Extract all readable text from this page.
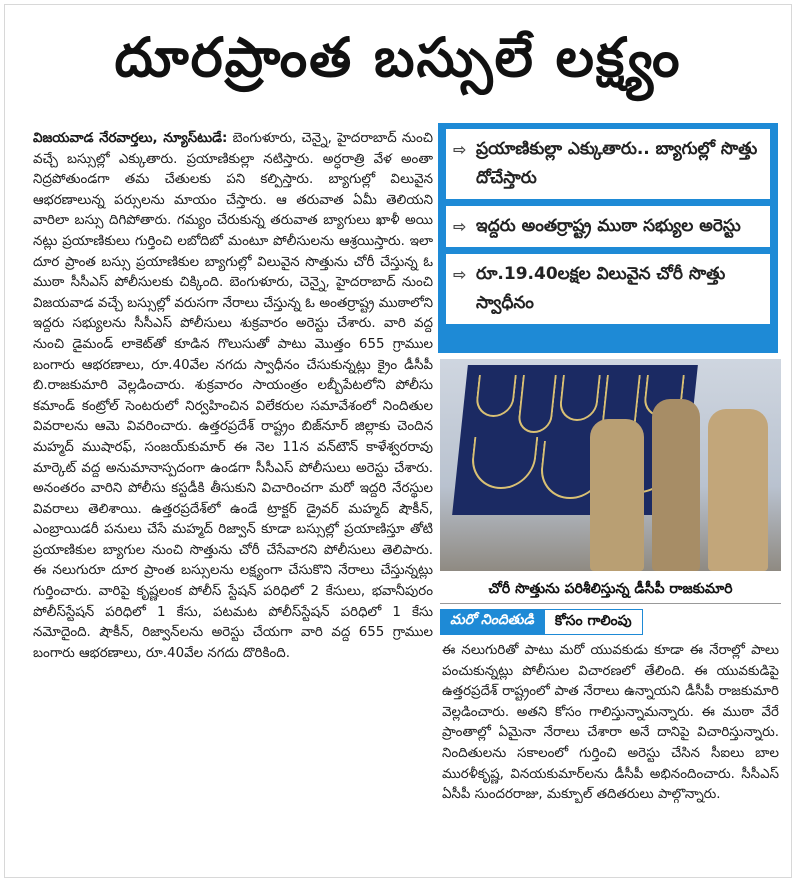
దూరప్రాంత బస్సులే లక్ష్యం

విజయవాడ నేరవార్తలు, న్యూస్‌టుడే: బెంగుళూరు, చెన్నై, హైదరాబాద్ నుంచి వచ్చే బస్సుల్లో ఎక్కుతారు. ప్రయాణికుల్లా నటిస్తారు. అర్ధరాత్రి వేళ అంతా నిద్రపోతుండగా తమ చేతులకు పని కల్పిస్తారు. బ్యాగుల్లో విలువైన ఆభరణాలున్న పర్సులను మాయం చేస్తారు. ఆ తరువాత ఏమీ తెలియని వారిలా బస్సు దిగిపోతారు. గమ్యం చేరుకున్న తరువాత బ్యాగులు ఖాళీ అయి నట్లు ప్రయాణికులు గుర్తించి లబోదిబో మంటూ పోలీసులను ఆశ్రయిస్తారు. ఇలా దూర ప్రాంత బస్సు ప్రయాణికుల బ్యాగుల్లో విలువైన సొత్తును చోరీ చేస్తున్న ఓ ముఠా సీసీఎస్ పోలీసులకు చిక్కింది. బెంగుళూరు, చెన్నై, హైదరాబాద్ నుంచి విజయవాడ వచ్చే బస్సుల్లో వరుసగా నేరాలు చేస్తున్న ఓ అంతర్రాష్ట్ర ముఠాలోని ఇద్దరు సభ్యులను సీసీఎస్ పోలీసులు శుక్రవారం అరెస్టు చేశారు. వారి వద్ద నుంచి డైమండ్ లాకెట్‌తో కూడిన గొలుసుతో పాటు మొత్తం 655 గ్రాముల బంగారు ఆభరణాలు, రూ.40వేల నగదు స్వాధీనం చేసుకున్నట్లు క్రైం డీసీపీ బి.రాజకుమారి వెల్లడించారు. శుక్రవారం సాయంత్రం లబ్బీపేటలోని పోలీసు కమాండ్ కంట్రోల్ సెంటరులో నిర్వహించిన విలేకరుల సమావేశంలో నిందితుల వివరాలను ఆమె వివరించారు. ఉత్తరప్రదేశ్ రాష్ట్రం బిజ్‌నూర్ జిల్లాకు చెందిన మహ్మద్ ముషారఫ్, సంజయ్‌కుమార్ ఈ నెల 11న వన్‌టౌన్ కాళేశ్వరరావు మార్కెట్ వద్ద అనుమానాస్పదంగా ఉండగా సీసీఎస్ పోలీసులు అరెస్టు చేశారు. అనంతరం వారిని పోలీసు కస్టడీకి తీసుకుని విచారించగా మరో ఇద్దరి నేరస్థుల వివరాలు తెలిశాయి. ఉత్తరప్రదేశ్‌లో ఉండే ట్రాక్టర్ డ్రైవర్ మహ్మద్ షౌకీన్, ఎంబ్రాయిడరీ పనులు చేసే మహ్మద్ రిజ్వాన్ కూడా బస్సుల్లో ప్రయాణిస్తూ తోటి ప్రయాణికుల బ్యాగుల నుంచి సొత్తును చోరీ చేసేవారని పోలీసులు తెలిపారు. ఈ నలుగురూ దూర ప్రాంత బస్సులను లక్ష్యంగా చేసుకొని నేరాలు చేస్తున్నట్లు గుర్తించారు. వారిపై కృష్ణలంక పోలీస్ స్టేషన్ పరిధిలో 2 కేసులు, భవానీపురం పోలీస్‌స్టేషన్ పరిధిలో 1 కేసు, పటమట పోలీస్‌స్టేషన్ పరిధిలో 1 కేసు నమోదైంది. షౌకీన్, రిజ్వాన్‌లను అరెస్టు చేయగా వారి వద్ద 655 గ్రాముల బంగారు ఆభరణాలు, రూ.40వేల నగదు దొరికింది.

⇨ ప్రయాణికుల్లా ఎక్కుతారు.. బ్యాగుల్లో సొత్తు దోచేస్తారు
⇨ ఇద్దరు అంతర్రాష్ట్ర ముఠా సభ్యుల అరెస్టు
⇨ రూ.19.40లక్షల విలువైన చోరీ సొత్తు స్వాధీనం
చోరీ సొత్తును పరిశీలిస్తున్న డీసీపీ రాజకుమారి
మరో నిందితుడి	కోసం గాలింపు

ఈ నలుగురితో పాటు మరో యువకుడు కూడా ఈ నేరాల్లో పాలు పంచుకున్నట్లు పోలీసుల విచారణలో తేలింది. ఈ యువకుడిపై ఉత్తరప్రదేశ్ రాష్ట్రంలో పాత నేరాలు ఉన్నాయని డీసీపీ రాజకుమారి వెల్లడించారు. అతని కోసం గాలిస్తున్నామన్నారు. ఈ ముఠా వేరే ప్రాంతాల్లో ఏమైనా నేరాలు చేశారా అనే దానిపై విచారిస్తున్నారు. నిందితులను సకాలంలో గుర్తించి అరెస్టు చేసిన సీఐలు బాల మురళీకృష్ణ, వినయకుమార్‌లను డీసీపీ అభినందించారు. సీసీఎస్ ఏసీపీ సుందరరాజు, మక్బూల్ తదితరులు పాల్గొన్నారు.
